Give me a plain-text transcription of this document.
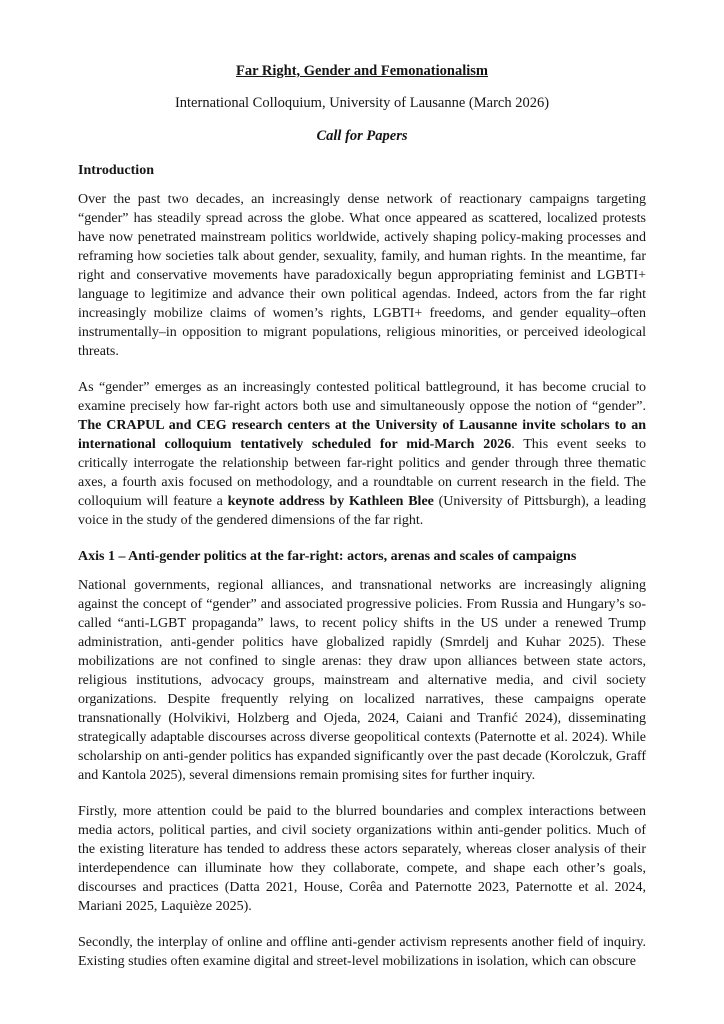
Far Right, Gender and Femonationalism
International Colloquium, University of Lausanne (March 2026)
Call for Papers
Introduction

Over the past two decades, an increasingly dense network of reactionary campaigns targeting “gender” has steadily spread across the globe. What once appeared as scattered, localized protests have now penetrated mainstream politics worldwide, actively shaping policy-making processes and reframing how societies talk about gender, sexuality, family, and human rights. In the meantime, far right and conservative movements have paradoxically begun appropriating feminist and LGBTI+ language to legitimize and advance their own political agendas. Indeed, actors from the far right increasingly mobilize claims of women’s rights, LGBTI+ freedoms, and gender equality–often instrumentally–in opposition to migrant populations, religious minorities, or perceived ideological threats.

As “gender” emerges as an increasingly contested political battleground, it has become crucial to examine precisely how far-right actors both use and simultaneously oppose the notion of “gender”. The CRAPUL and CEG research centers at the University of Lausanne invite scholars to an international colloquium tentatively scheduled for mid-March 2026. This event seeks to critically interrogate the relationship between far-right politics and gender through three thematic axes, a fourth axis focused on methodology, and a roundtable on current research in the field. The colloquium will feature a keynote address by Kathleen Blee (University of Pittsburgh), a leading voice in the study of the gendered dimensions of the far right.

Axis 1 – Anti-gender politics at the far-right: actors, arenas and scales of campaigns

National governments, regional alliances, and transnational networks are increasingly aligning against the concept of “gender” and associated progressive policies. From Russia and Hungary’s so-called “anti-LGBT propaganda” laws, to recent policy shifts in the US under a renewed Trump administration, anti-gender politics have globalized rapidly (Smrdelj and Kuhar 2025). These mobilizations are not confined to single arenas: they draw upon alliances between state actors, religious institutions, advocacy groups, mainstream and alternative media, and civil society organizations. Despite frequently relying on localized narratives, these campaigns operate transnationally (Holvikivi, Holzberg and Ojeda, 2024, Caiani and Tranfić 2024), disseminating strategically adaptable discourses across diverse geopolitical contexts (Paternotte et al. 2024). While scholarship on anti-gender politics has expanded significantly over the past decade (Korolczuk, Graff and Kantola 2025), several dimensions remain promising sites for further inquiry.

Firstly, more attention could be paid to the blurred boundaries and complex interactions between media actors, political parties, and civil society organizations within anti-gender politics. Much of the existing literature has tended to address these actors separately, whereas closer analysis of their interdependence can illuminate how they collaborate, compete, and shape each other’s goals, discourses and practices (Datta 2021, House, Corêa and Paternotte 2023, Paternotte et al. 2024, Mariani 2025, Laquièze 2025).

Secondly, the interplay of online and offline anti-gender activism represents another field of inquiry. Existing studies often examine digital and street-level mobilizations in isolation, which can obscure
